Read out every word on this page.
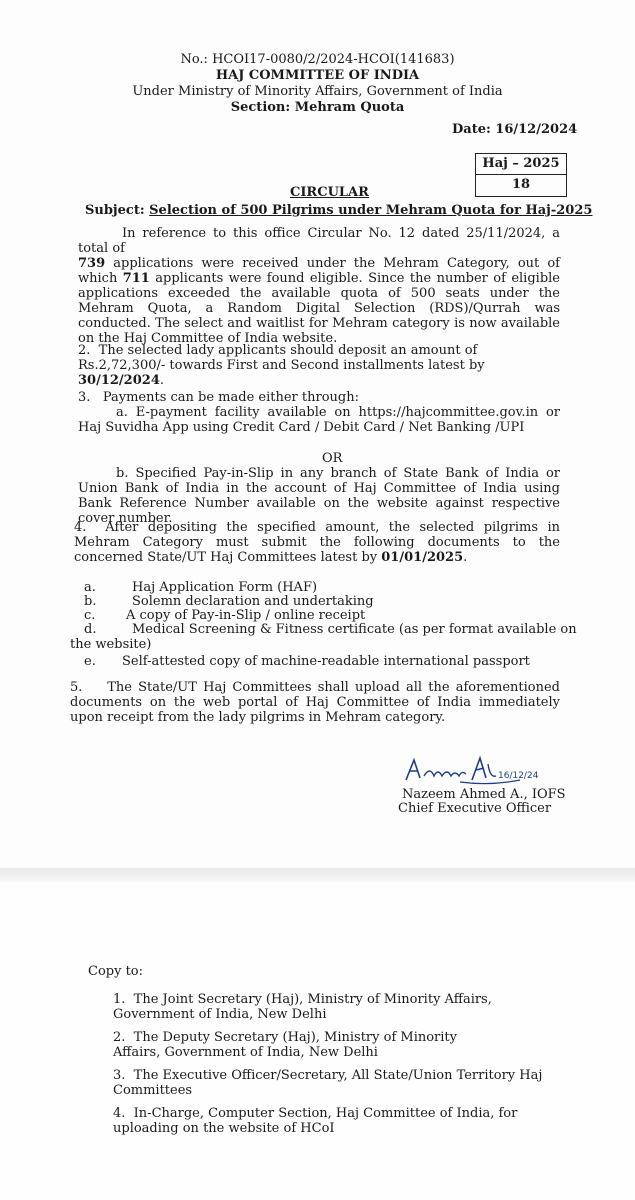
No.: HCOI17-0080/2/2024-HCOI(141683)
HAJ COMMITTEE OF INDIA
Under Ministry of Minority Affairs, Government of India
Section: Mehram Quota
Date: 16/12/2024
Haj – 2025
18
CIRCULAR
Subject: Selection of 500 Pilgrims under Mehram Quota for Haj-2025
In reference to this office Circular No. 12 dated 25/11/2024, a total of
739 applications were received under the Mehram Category, out of which 711 applicants were found eligible. Since the number of eligible applications exceeded the available quota of 500 seats under the Mehram Quota, a Random Digital Selection (RDS)/Qurrah was conducted. The select and waitlist for Mehram category is now available on the Haj Committee of India website.
2. The selected lady applicants should deposit an amount of Rs.2,72,300/- towards First and Second installments latest by 30/12/2024.
3. Payments can be made either through:
a. E-payment facility available on https://hajcommittee.gov.in or Haj Suvidha App using Credit Card / Debit Card / Net Banking /UPI
OR
b. Specified Pay-in-Slip in any branch of State Bank of India or Union Bank of India in the account of Haj Committee of India using Bank Reference Number available on the website against respective cover number.
4. After depositing the specified amount, the selected pilgrims in Mehram Category must submit the following documents to the concerned State/UT Haj Committees latest by 01/01/2025.
a.	Haj Application Form (HAF)
b.	Solemn declaration and undertaking
c. A copy of Pay-in-Slip / online receipt
d.	Medical Screening & Fitness certificate (as per format available on
the website)
e. Self-attested copy of machine-readable international passport
5. The State/UT Haj Committees shall upload all the aforementioned documents on the web portal of Haj Committee of India immediately upon receipt from the lady pilgrims in Mehram category.
16/12/24
Nazeem Ahmed A., IOFS
Chief Executive Officer
Copy to:
1. The Joint Secretary (Haj), Ministry of Minority Affairs, Government of India, New Delhi
2. The Deputy Secretary (Haj), Ministry of Minority Affairs, Government of India, New Delhi
3. The Executive Officer/Secretary, All State/Union Territory Haj Committees
4. In-Charge, Computer Section, Haj Committee of India, for uploading on the website of HCoI
